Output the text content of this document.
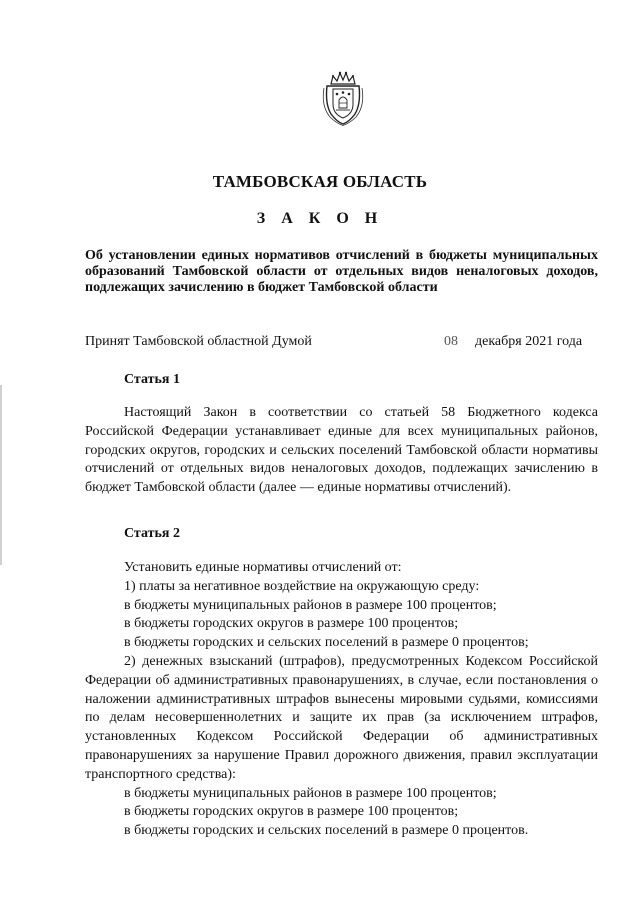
ТАМБОВСКАЯ ОБЛАСТЬ
З А К О Н
Об установлении единых нормативов отчислений в бюджеты муниципальных образований Тамбовской области от отдельных видов неналоговых доходов, подлежащих зачислению в бюджет Тамбовской области
Принят Тамбовской областной Думой	08 декабря 2021 года
Статья 1
Настоящий Закон в соответствии со статьей 58 Бюджетного кодекса Российской Федерации устанавливает единые для всех муниципальных районов, городских округов, городских и сельских поселений Тамбовской области нормативы отчислений от отдельных видов неналоговых доходов, подлежащих зачислению в бюджет Тамбовской области (далее — единые нормативы отчислений).
Статья 2
Установить единые нормативы отчислений от:
1) платы за негативное воздействие на окружающую среду:
в бюджеты муниципальных районов в размере 100 процентов;
в бюджеты городских округов в размере 100 процентов;
в бюджеты городских и сельских поселений в размере 0 процентов;
2) денежных взысканий (штрафов), предусмотренных Кодексом Российской Федерации об административных правонарушениях, в случае, если постановления о наложении административных штрафов вынесены мировыми судьями, комиссиями по делам несовершеннолетних и защите их прав (за исключением штрафов, установленных Кодексом Российской Федерации об административных правонарушениях за нарушение Правил дорожного движения, правил эксплуатации транспортного средства):
в бюджеты муниципальных районов в размере 100 процентов;
в бюджеты городских округов в размере 100 процентов;
в бюджеты городских и сельских поселений в размере 0 процентов.
